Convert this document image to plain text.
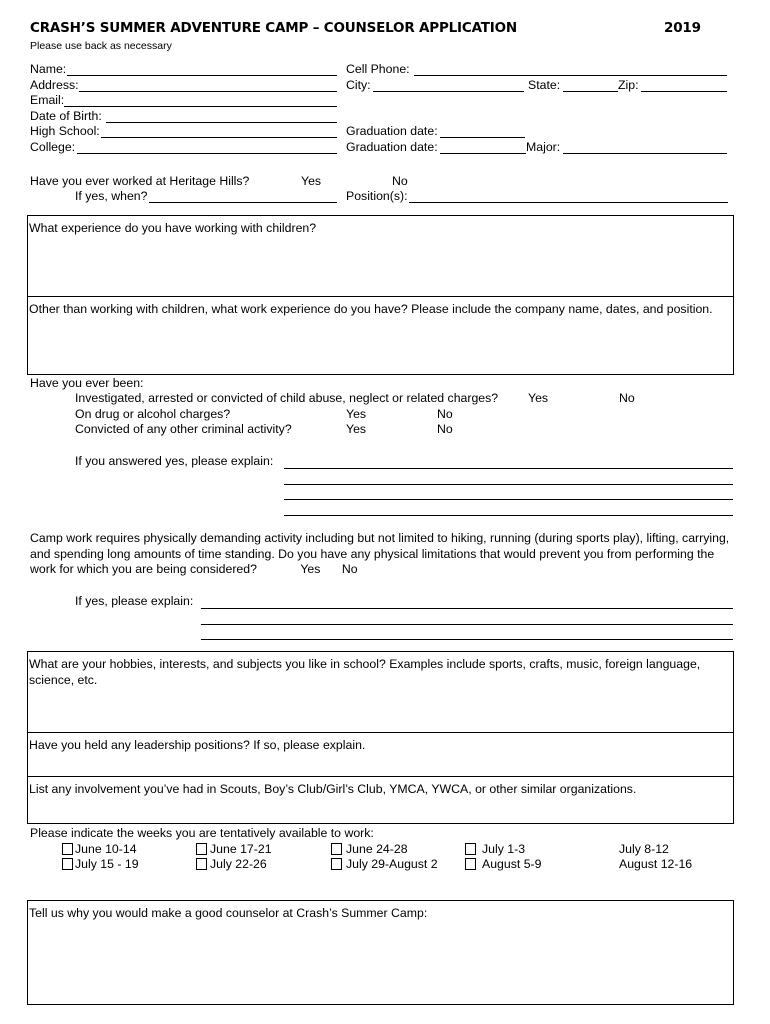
CRASH’S SUMMER ADVENTURE CAMP – COUNSELOR APPLICATION	2019
Please use back as necessary
Name:	Cell Phone:
Address:	City:	State:	Zip:
Email:
Date of Birth:
High School:	Graduation date:
College:	Graduation date:	Major:
Have you ever worked at Heritage Hills?	Yes	No
If yes, when?	Position(s):
What experience do you have working with children?
Other than working with children, what work experience do you have? Please include the company name, dates, and position.
Have you ever been:
Investigated, arrested or convicted of child abuse, neglect or related charges? Yes	No
On drug or alcohol charges?	Yes	No
Convicted of any other criminal activity?	Yes	No
If you answered yes, please explain:
Camp work requires physically demanding activity including but not limited to hiking, running (during sports play), lifting, carrying, and spending long amounts of time standing. Do you have any physical limitations that would prevent you from performing the work for which you are being considered?	Yes No
If yes, please explain:
What are your hobbies, interests, and subjects you like in school? Examples include sports, crafts, music, foreign language, science, etc.
Have you held any leadership positions? If so, please explain.
List any involvement you’ve had in Scouts, Boy’s Club/Girl’s Club, YMCA, YWCA, or other similar organizations.
Please indicate the weeks you are tentatively available to work:
June 10-14	June 17-21	June 24-28	July 1-3	July 8-12
July 15 - 19	July 22-26	July 29-August 2	August 5-9	August 12-16
Tell us why you would make a good counselor at Crash’s Summer Camp:
